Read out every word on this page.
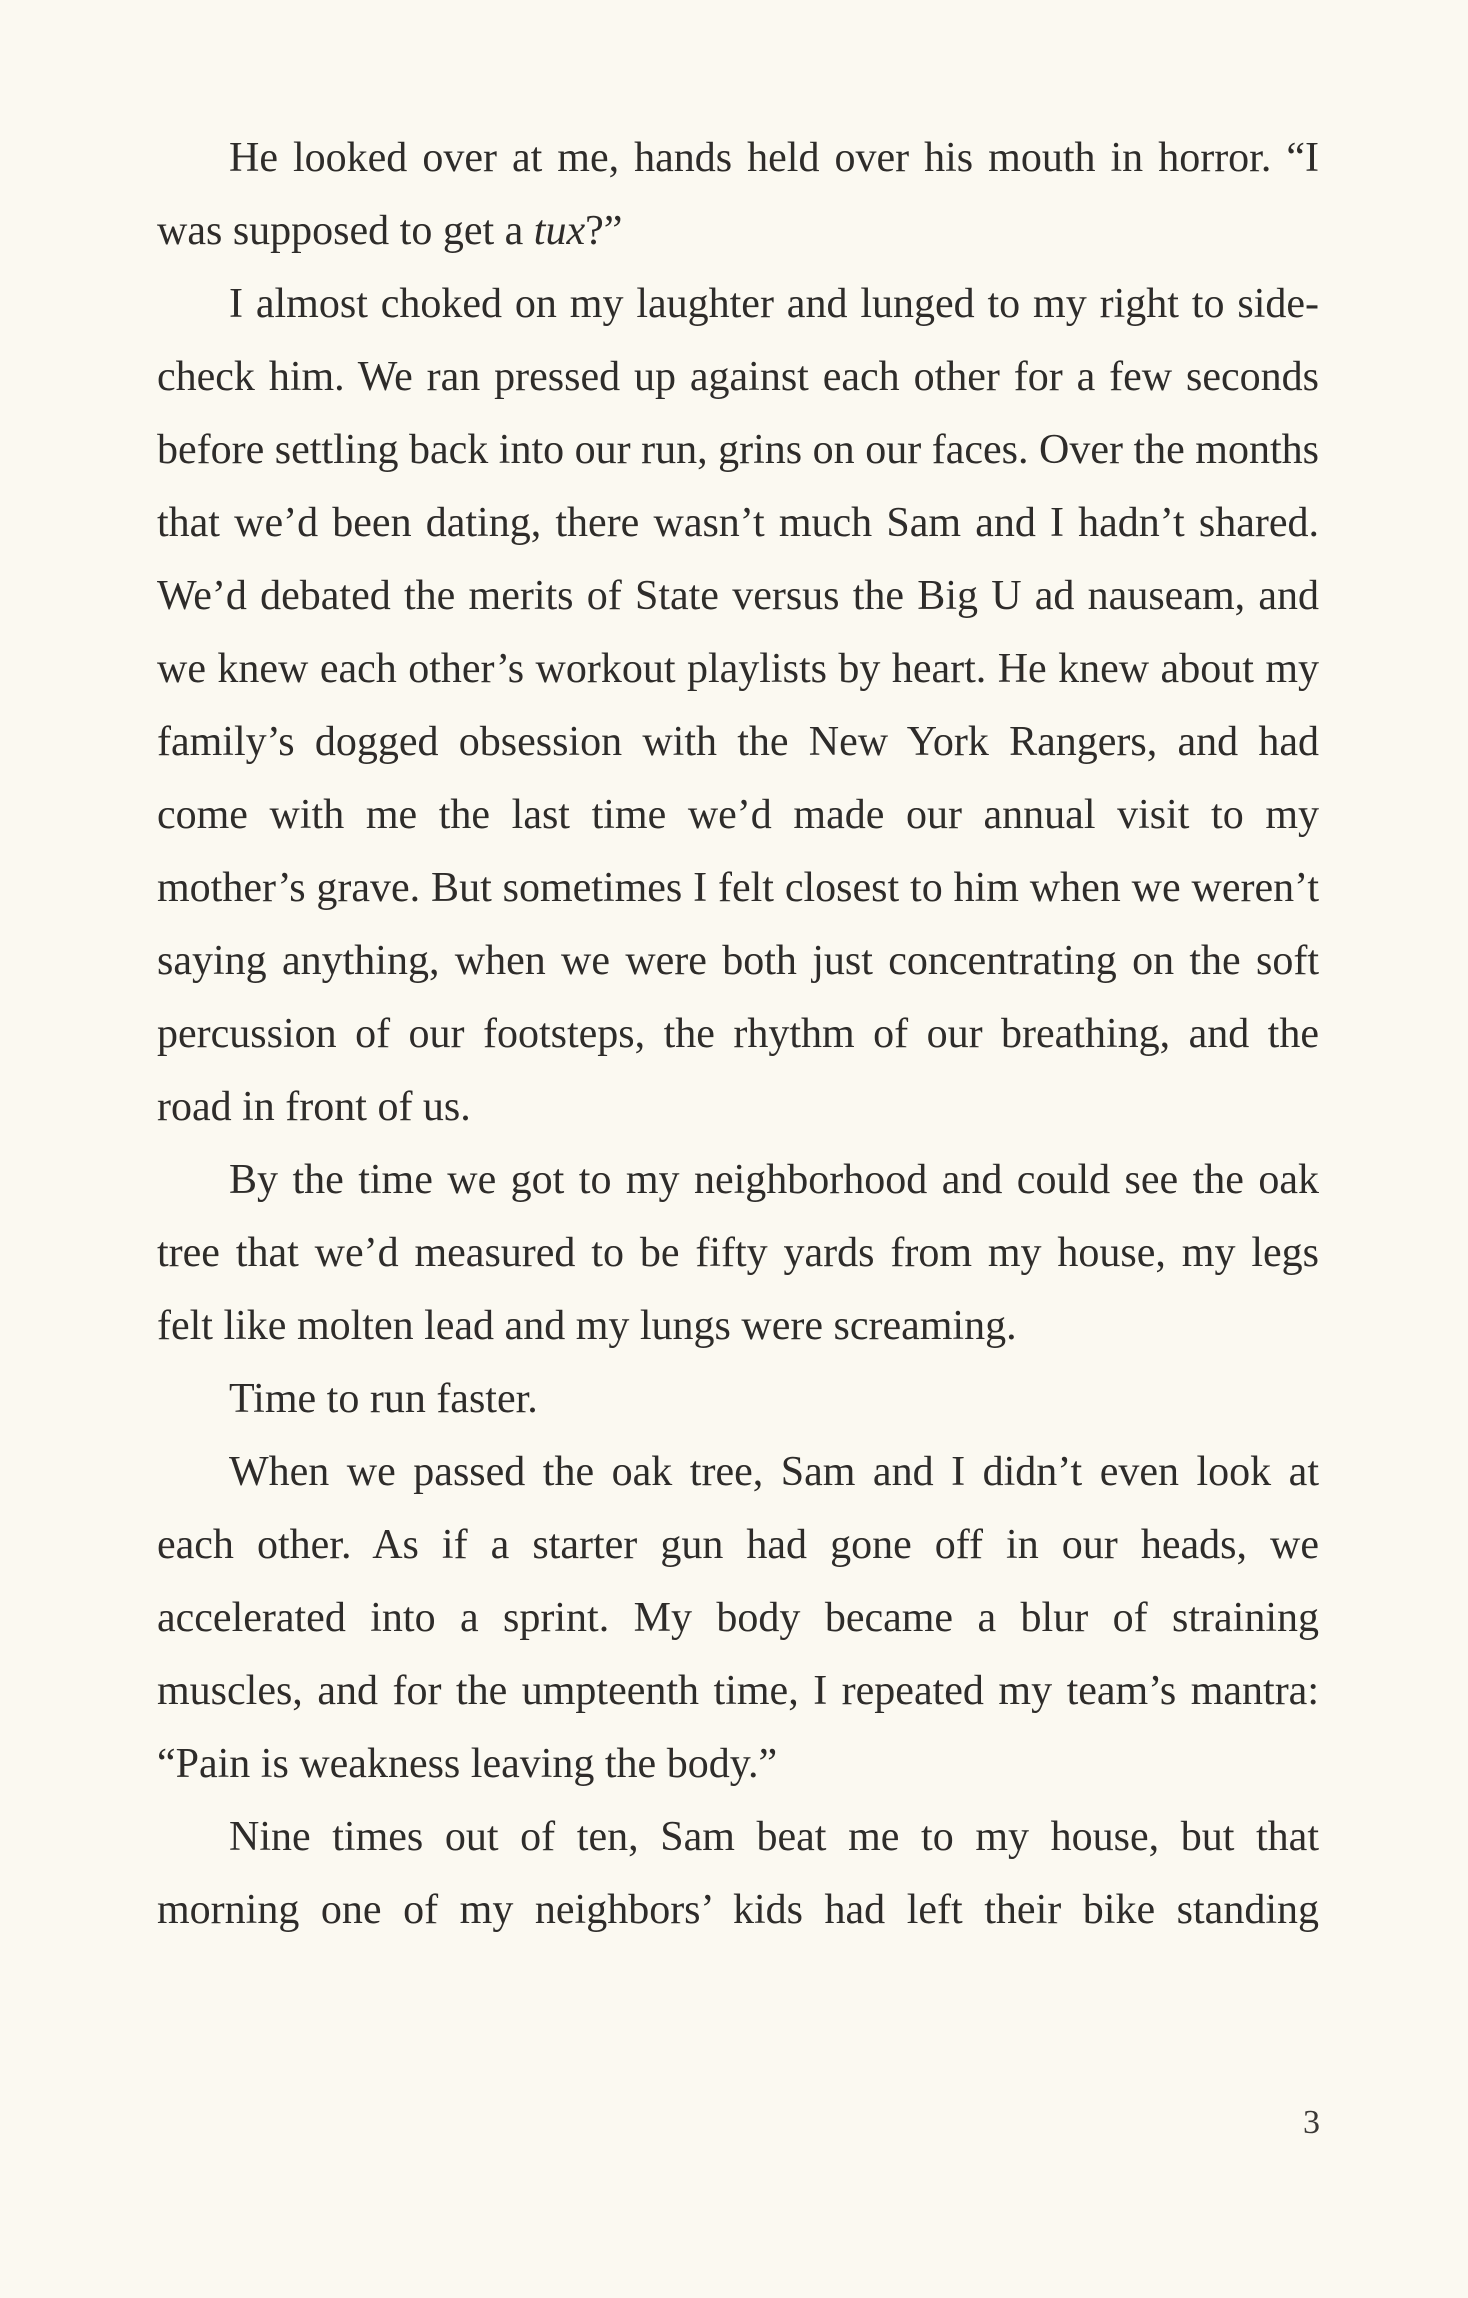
He looked over at me, hands held over his mouth in horror. “I was supposed to get a tux?”

I almost choked on my laughter and lunged to my right to side-check him. We ran pressed up against each other for a few seconds before settling back into our run, grins on our faces. Over the months that we’d been dating, there wasn’t much Sam and I hadn’t shared. We’d debated the merits of State versus the Big U ad nauseam, and we knew each other’s workout playlists by heart. He knew about my family’s dogged obsession with the New York Rangers, and had come with me the last time we’d made our annual visit to my mother’s grave. But sometimes I felt closest to him when we weren’t saying anything, when we were both just concentrating on the soft percussion of our footsteps, the rhythm of our breathing, and the road in front of us.

By the time we got to my neighborhood and could see the oak tree that we’d measured to be fifty yards from my house, my legs felt like molten lead and my lungs were screaming.

Time to run faster.

When we passed the oak tree, Sam and I didn’t even look at each other. As if a starter gun had gone off in our heads, we accelerated into a sprint. My body became a blur of straining muscles, and for the umpteenth time, I repeated my team’s mantra: “Pain is weakness leaving the body.”

Nine times out of ten, Sam beat me to my house, but that morning one of my neighbors’ kids had left their bike standing

3
